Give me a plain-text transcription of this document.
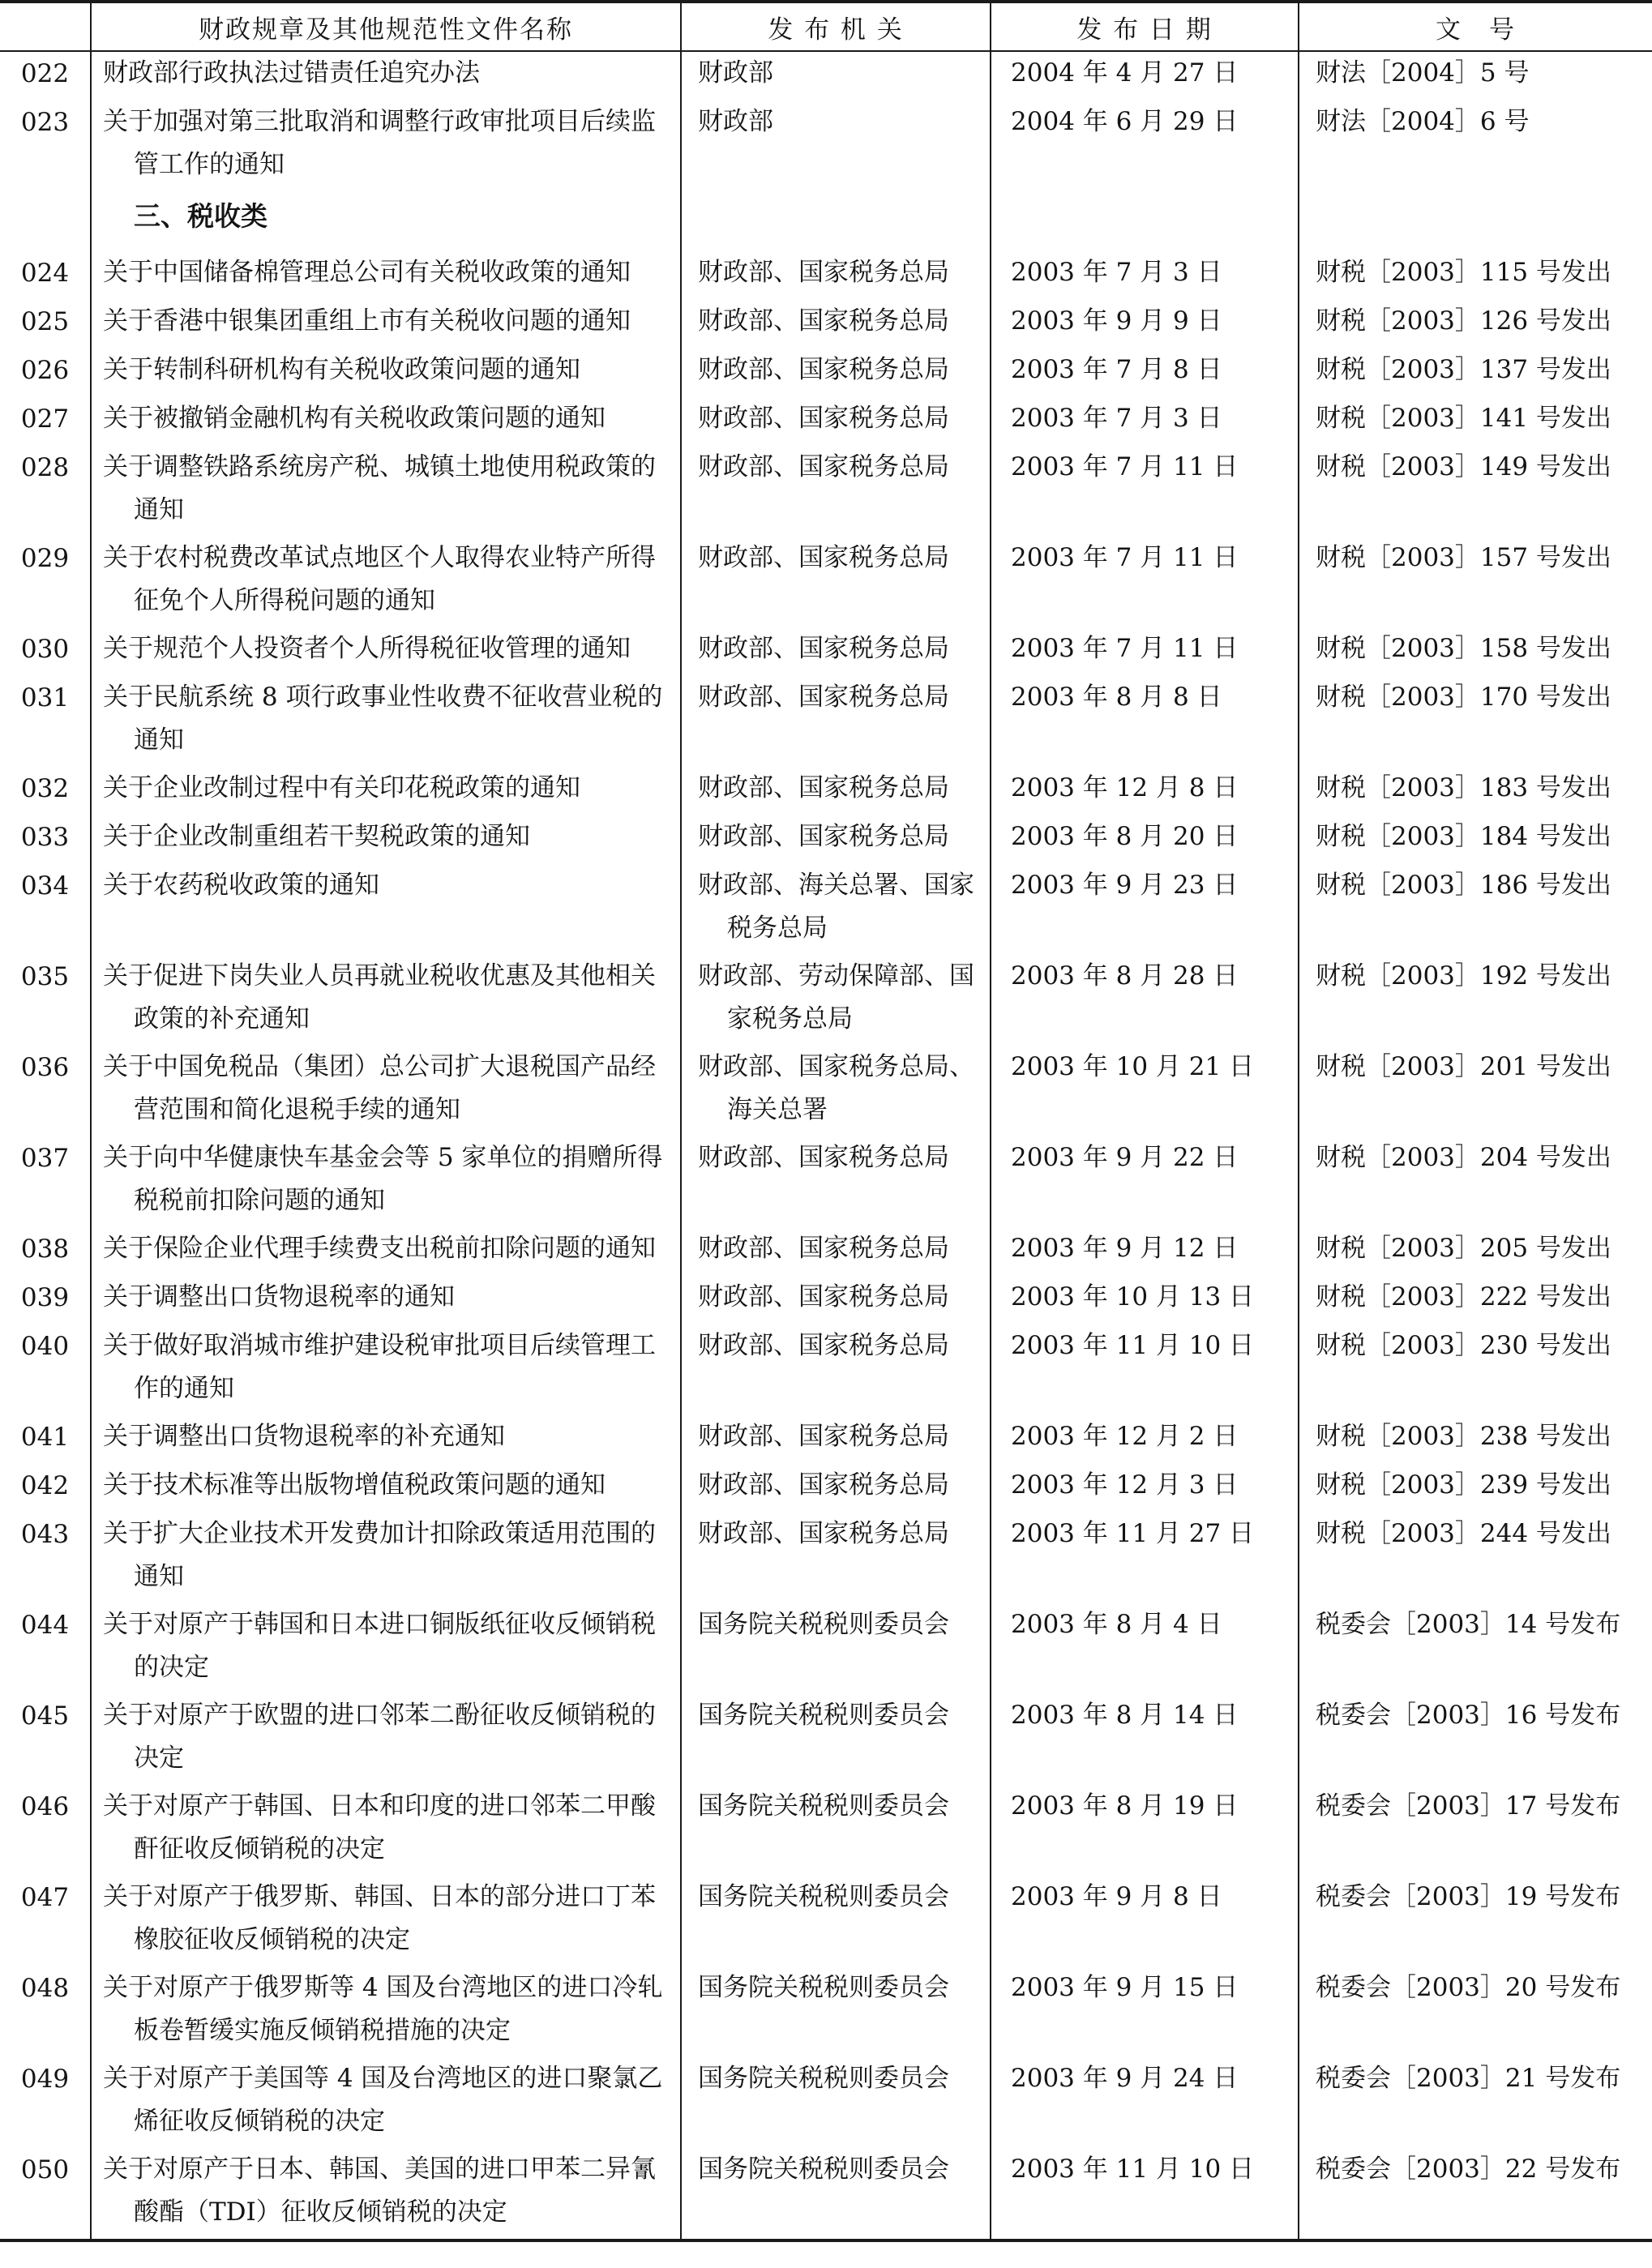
	财政规章及其他规范性文件名称	发 布 机 关	发 布 日 期	文　号
022	财政部行政执法过错责任追究办法	财政部	2004 年 4 月 27 日	财法［2004］5 号
023	关于加强对第三批取消和调整行政审批项目后续监管工作的通知	财政部	2004 年 6 月 29 日	财法［2004］6 号
	三、税收类			
024	关于中国储备棉管理总公司有关税收政策的通知	财政部、国家税务总局	2003 年 7 月 3 日	财税［2003］115 号发出
025	关于香港中银集团重组上市有关税收问题的通知	财政部、国家税务总局	2003 年 9 月 9 日	财税［2003］126 号发出
026	关于转制科研机构有关税收政策问题的通知	财政部、国家税务总局	2003 年 7 月 8 日	财税［2003］137 号发出
027	关于被撤销金融机构有关税收政策问题的通知	财政部、国家税务总局	2003 年 7 月 3 日	财税［2003］141 号发出
028	关于调整铁路系统房产税、城镇土地使用税政策的通知	财政部、国家税务总局	2003 年 7 月 11 日	财税［2003］149 号发出
029	关于农村税费改革试点地区个人取得农业特产所得征免个人所得税问题的通知	财政部、国家税务总局	2003 年 7 月 11 日	财税［2003］157 号发出
030	关于规范个人投资者个人所得税征收管理的通知	财政部、国家税务总局	2003 年 7 月 11 日	财税［2003］158 号发出
031	关于民航系统 8 项行政事业性收费不征收营业税的通知	财政部、国家税务总局	2003 年 8 月 8 日	财税［2003］170 号发出
032	关于企业改制过程中有关印花税政策的通知	财政部、国家税务总局	2003 年 12 月 8 日	财税［2003］183 号发出
033	关于企业改制重组若干契税政策的通知	财政部、国家税务总局	2003 年 8 月 20 日	财税［2003］184 号发出
034	关于农药税收政策的通知	财政部、海关总署、国家税务总局	2003 年 9 月 23 日	财税［2003］186 号发出
035	关于促进下岗失业人员再就业税收优惠及其他相关政策的补充通知	财政部、劳动保障部、国家税务总局	2003 年 8 月 28 日	财税［2003］192 号发出
036	关于中国免税品（集团）总公司扩大退税国产品经营范围和简化退税手续的通知	财政部、国家税务总局、海关总署	2003 年 10 月 21 日	财税［2003］201 号发出
037	关于向中华健康快车基金会等 5 家单位的捐赠所得税税前扣除问题的通知	财政部、国家税务总局	2003 年 9 月 22 日	财税［2003］204 号发出
038	关于保险企业代理手续费支出税前扣除问题的通知	财政部、国家税务总局	2003 年 9 月 12 日	财税［2003］205 号发出
039	关于调整出口货物退税率的通知	财政部、国家税务总局	2003 年 10 月 13 日	财税［2003］222 号发出
040	关于做好取消城市维护建设税审批项目后续管理工作的通知	财政部、国家税务总局	2003 年 11 月 10 日	财税［2003］230 号发出
041	关于调整出口货物退税率的补充通知	财政部、国家税务总局	2003 年 12 月 2 日	财税［2003］238 号发出
042	关于技术标准等出版物增值税政策问题的通知	财政部、国家税务总局	2003 年 12 月 3 日	财税［2003］239 号发出
043	关于扩大企业技术开发费加计扣除政策适用范围的通知	财政部、国家税务总局	2003 年 11 月 27 日	财税［2003］244 号发出
044	关于对原产于韩国和日本进口铜版纸征收反倾销税的决定	国务院关税税则委员会	2003 年 8 月 4 日	税委会［2003］14 号发布
045	关于对原产于欧盟的进口邻苯二酚征收反倾销税的决定	国务院关税税则委员会	2003 年 8 月 14 日	税委会［2003］16 号发布
046	关于对原产于韩国、日本和印度的进口邻苯二甲酸酐征收反倾销税的决定	国务院关税税则委员会	2003 年 8 月 19 日	税委会［2003］17 号发布
047	关于对原产于俄罗斯、韩国、日本的部分进口丁苯橡胶征收反倾销税的决定	国务院关税税则委员会	2003 年 9 月 8 日	税委会［2003］19 号发布
048	关于对原产于俄罗斯等 4 国及台湾地区的进口冷轧板卷暂缓实施反倾销税措施的决定	国务院关税税则委员会	2003 年 9 月 15 日	税委会［2003］20 号发布
049	关于对原产于美国等 4 国及台湾地区的进口聚氯乙烯征收反倾销税的决定	国务院关税税则委员会	2003 年 9 月 24 日	税委会［2003］21 号发布
050	关于对原产于日本、韩国、美国的进口甲苯二异氰酸酯（TDI）征收反倾销税的决定	国务院关税税则委员会	2003 年 11 月 10 日	税委会［2003］22 号发布
